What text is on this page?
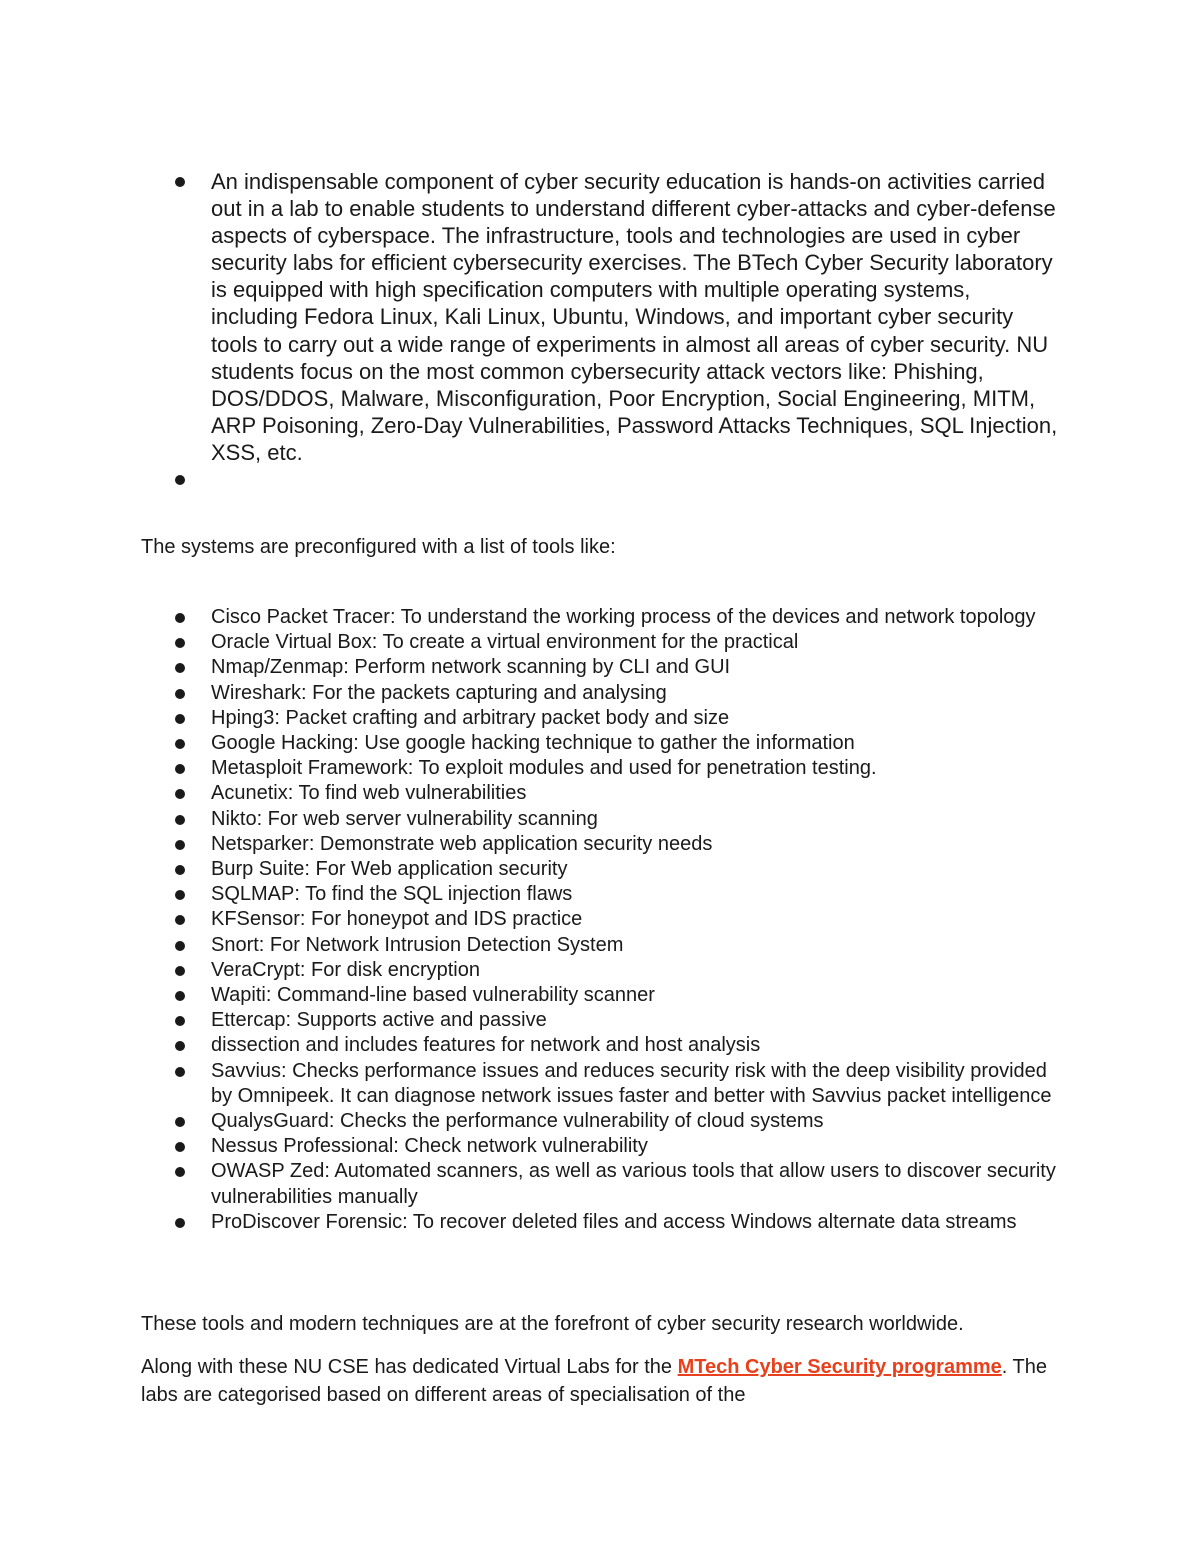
An indispensable component of cyber security education is hands-on activities carried out in a lab to enable students to understand different cyber-attacks and cyber-defense aspects of cyberspace. The infrastructure, tools and technologies are used in cyber security labs for efficient cybersecurity exercises. The BTech Cyber Security laboratory is equipped with high specification computers with multiple operating systems, including Fedora Linux, Kali Linux, Ubuntu, Windows, and important cyber security tools to carry out a wide range of experiments in almost all areas of cyber security. NU students focus on the most common cybersecurity attack vectors like: Phishing, DOS/DDOS, Malware, Misconfiguration, Poor Encryption, Social Engineering, MITM, ARP Poisoning, Zero-Day Vulnerabilities, Password Attacks Techniques, SQL Injection, XSS, etc.

The systems are preconfigured with a list of tools like:

Cisco Packet Tracer: To understand the working process of the devices and network topology
Oracle Virtual Box: To create a virtual environment for the practical
Nmap/Zenmap: Perform network scanning by CLI and GUI
Wireshark: For the packets capturing and analysing
Hping3: Packet crafting and arbitrary packet body and size
Google Hacking: Use google hacking technique to gather the information
Metasploit Framework: To exploit modules and used for penetration testing.
Acunetix: To find web vulnerabilities
Nikto: For web server vulnerability scanning
Netsparker: Demonstrate web application security needs
Burp Suite: For Web application security
SQLMAP: To find the SQL injection flaws
KFSensor: For honeypot and IDS practice
Snort: For Network Intrusion Detection System
VeraCrypt: For disk encryption
Wapiti: Command-line based vulnerability scanner
Ettercap: Supports active and passive
dissection and includes features for network and host analysis
Savvius: Checks performance issues and reduces security risk with the deep visibility provided by Omnipeek. It can diagnose network issues faster and better with Savvius packet intelligence
QualysGuard: Checks the performance vulnerability of cloud systems
Nessus Professional: Check network vulnerability
OWASP Zed: Automated scanners, as well as various tools that allow users to discover security vulnerabilities manually
ProDiscover Forensic: To recover deleted files and access Windows alternate data streams

These tools and modern techniques are at the forefront of cyber security research worldwide.

Along with these NU CSE has dedicated Virtual Labs for the MTech Cyber Security programme. The labs are categorised based on different areas of specialisation of the
